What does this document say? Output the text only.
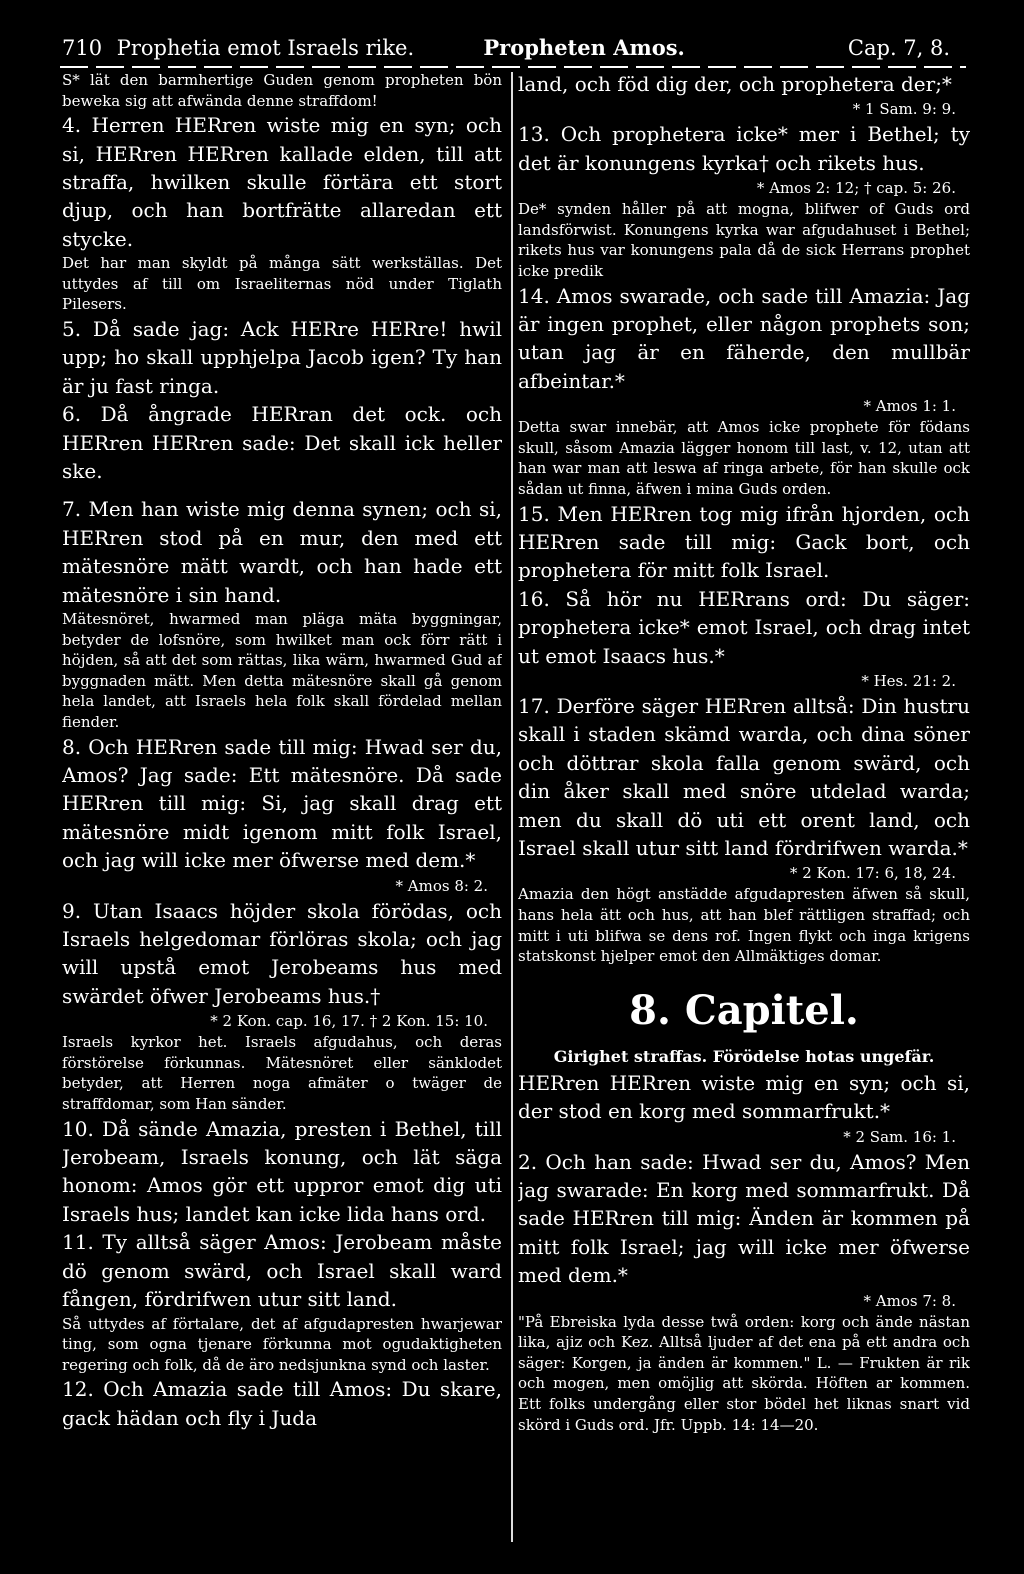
710 Prophetia emot Israels rike.	Propheten Amos.	Cap. 7, 8.

S* lät den barmhertige Guden genom propheten bön beweka sig att afwända denne straffdom!

4. Herren HERren wiste mig en syn; och si, HERren HERren kallade elden, till att straffa, hwilken skulle förtära ett stort djup, och han bortfrätte allaredan ett stycke.

Det har man skyldt på många sätt werkställas. Det uttydes af till om Israeliternas nöd under Tiglath Pilesers.

5. Då sade jag: Ack HERre HERre! hwil upp; ho skall upphjelpa Jacob igen? Ty han är ju fast ringa.

6. Då ångrade HERran det ock. och HERren HERren sade: Det skall ick heller ske.

7. Men han wiste mig denna synen; och si, HERren stod på en mur, den med ett mätesnöre mätt wardt, och han hade ett mätesnöre i sin hand.

Mätesnöret, hwarmed man pläga mäta byggningar, betyder de lofsnöre, som hwilket man ock förr rätt i höjden, så att det som rättas, lika wärn, hwarmed Gud af byggnaden mätt. Men detta mätesnöre skall gå genom hela landet, att Israels hela folk skall fördelad mellan fiender.

8. Och HERren sade till mig: Hwad ser du, Amos? Jag sade: Ett mätesnöre. Då sade HERren till mig: Si, jag skall drag ett mätesnöre midt igenom mitt folk Israel, och jag will icke mer öfwerse med dem.*

* Amos 8: 2.

9. Utan Isaacs höjder skola förödas, och Israels helgedomar förlöras skola; och jag will upstå emot Jerobeams hus med swärdet öfwer Jerobeams hus.†

* 2 Kon. cap. 16, 17. † 2 Kon. 15: 10.

Israels kyrkor het. Israels afgudahus, och deras förstörelse förkunnas. Mätesnöret eller sänklodet betyder, att Herren noga afmäter o twäger de straffdomar, som Han sänder.

10. Då sände Amazia, presten i Bethel, till Jerobeam, Israels konung, och lät säga honom: Amos gör ett uppror emot dig uti Israels hus; landet kan icke lida hans ord.

11. Ty alltså säger Amos: Jerobeam måste dö genom swärd, och Israel skall ward fången, fördrifwen utur sitt land.

Så uttydes af förtalare, det af afgudapresten hwarjewar ting, som ogna tjenare förkunna mot ogudaktigheten regering och folk, då de äro nedsjunkna synd och laster.

12. Och Amazia sade till Amos: Du skare, gack hädan och fly i Juda

land, och föd dig der, och prophetera der;*

* 1 Sam. 9: 9.

13. Och prophetera icke* mer i Bethel; ty det är konungens kyrka† och rikets hus.

* Amos 2: 12; † cap. 5: 26.

De* synden håller på att mogna, blifwer of Guds ord landsförwist. Konungens kyrka war afgudahuset i Bethel; rikets hus var konungens pala då de sick Herrans prophet icke predik

14. Amos swarade, och sade till Amazia: Jag är ingen prophet, eller någon prophets son; utan jag är en fäherde, den mullbär afbeintar.*

* Amos 1: 1.

Detta swar innebär, att Amos icke prophete för födans skull, såsom Amazia lägger honom till last, v. 12, utan att han war man att leswa af ringa arbete, för han skulle ock sådan ut finna, äfwen i mina Guds orden.

15. Men HERren tog mig ifrån hjorden, och HERren sade till mig: Gack bort, och prophetera för mitt folk Israel.

16. Så hör nu HERrans ord: Du säger: prophetera icke* emot Israel, och drag intet ut emot Isaacs hus.*

* Hes. 21: 2.

17. Derföre säger HERren alltså: Din hustru skall i staden skämd warda, och dina söner och döttrar skola falla genom swärd, och din åker skall med snöre utdelad warda; men du skall dö uti ett orent land, och Israel skall utur sitt land fördrifwen warda.*

* 2 Kon. 17: 6, 18, 24.

Amazia den högt anstädde afgudapresten äfwen så skull, hans hela ätt och hus, att han blef rättligen straffad; och mitt i uti blifwa se dens rof. Ingen flykt och inga krigens statskonst hjelper emot den Allmäktiges domar.

8. Capitel.

Girighet straffas. Förödelse hotas ungefär.

HERren HERren wiste mig en syn; och si, der stod en korg med sommarfrukt.*

* 2 Sam. 16: 1.

2. Och han sade: Hwad ser du, Amos? Men jag swarade: En korg med sommarfrukt. Då sade HERren till mig: Änden är kommen på mitt folk Israel; jag will icke mer öfwerse med dem.*

* Amos 7: 8.

"På Ebreiska lyda desse twå orden: korg och ände nästan lika, ajiz och Kez. Alltså ljuder af det ena på ett andra och säger: Korgen, ja änden är kommen." L. — Frukten är rik och mogen, men omöjlig att skörda. Höften ar kommen. Ett folks undergång eller stor bödel het liknas snart vid skörd i Guds ord. Jfr. Uppb. 14: 14—20.
